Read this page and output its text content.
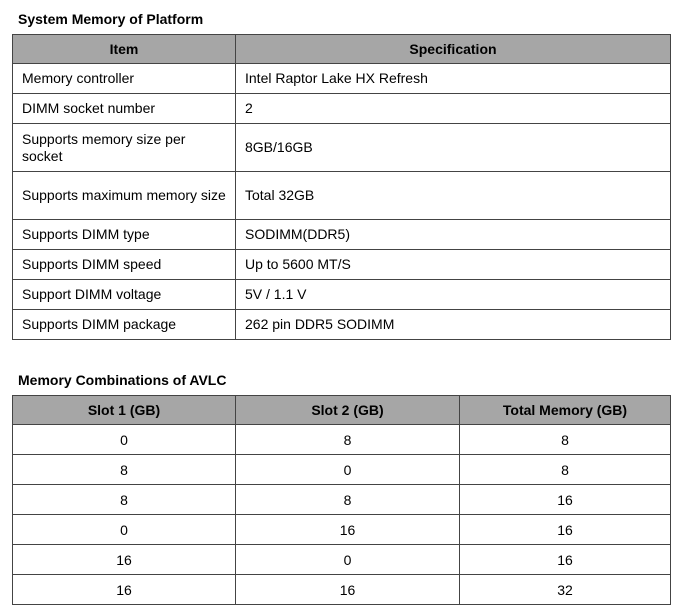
System Memory of Platform
Item	Specification
Memory controller	Intel Raptor Lake HX Refresh
DIMM socket number	2
Supports memory size per socket	8GB/16GB
Supports maximum memory size	Total 32GB
Supports DIMM type	SODIMM(DDR5)
Supports DIMM speed	Up to 5600 MT/S
Support DIMM voltage	5V / 1.1 V
Supports DIMM package	262 pin DDR5 SODIMM
Memory Combinations of AVLC
Slot 1 (GB)	Slot 2 (GB)	Total Memory (GB)
0	8	8
8	0	8
8	8	16
0	16	16
16	0	16
16	16	32
